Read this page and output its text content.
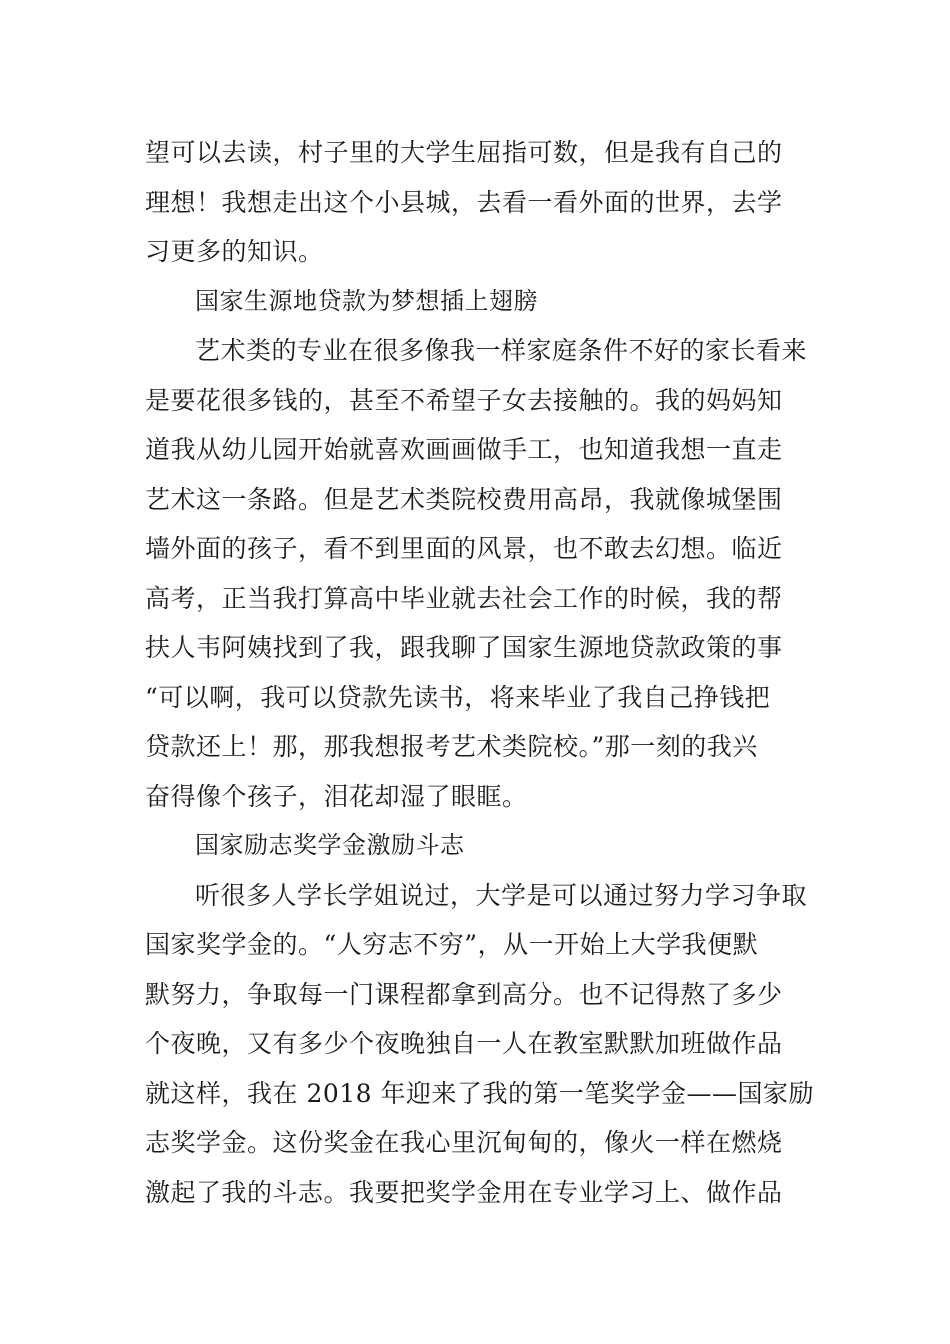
望可以去读，村子里的大学生屈指可数，但是我有自己的
理想！我想走出这个小县城，去看一看外面的世界，去学
习更多的知识。
国家生源地贷款为梦想插上翅膀
艺术类的专业在很多像我一样家庭条件不好的家长看来
是要花很多钱的，甚至不希望子女去接触的。我的妈妈知
道我从幼儿园开始就喜欢画画做手工，也知道我想一直走
艺术这一条路。但是艺术类院校费用高昂，我就像城堡围
墙外面的孩子，看不到里面的风景，也不敢去幻想。临近
高考，正当我打算高中毕业就去社会工作的时候，我的帮
扶人韦阿姨找到了我，跟我聊了国家生源地贷款政策的事
“可以啊，我可以贷款先读书，将来毕业了我自己挣钱把
贷款还上！那，那我想报考艺术类院校。”那一刻的我兴
奋得像个孩子，泪花却湿了眼眶。
国家励志奖学金激励斗志
听很多人学长学姐说过，大学是可以通过努力学习争取
国家奖学金的。“人穷志不穷”，从一开始上大学我便默
默努力，争取每一门课程都拿到高分。也不记得熬了多少
个夜晚，又有多少个夜晚独自一人在教室默默加班做作品
就这样，我在 2018 年迎来了我的第一笔奖学金——国家励
志奖学金。这份奖金在我心里沉甸甸的，像火一样在燃烧
激起了我的斗志。我要把奖学金用在专业学习上、做作品
